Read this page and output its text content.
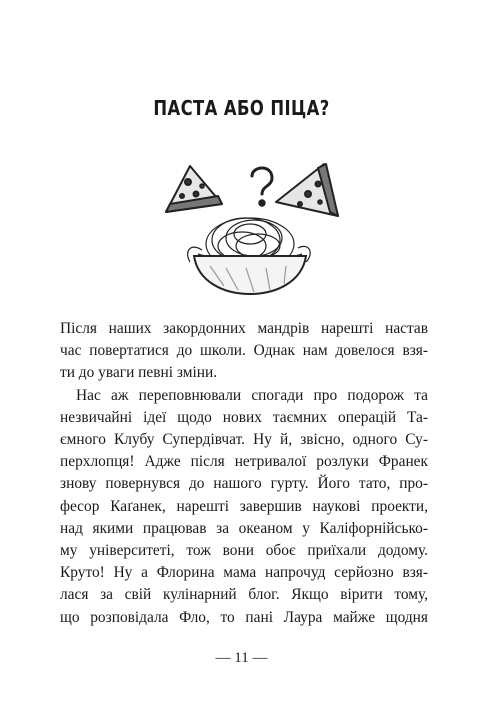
ПАСТА АБО ПІЦА?
Після наших закордонних мандрів нарешті настав
час повертатися до школи. Однак нам довелося взя-
ти до уваги певні зміни.
Нас аж переповнювали спогади про подорож та
незвичайні ідеї щодо нових таємних операцій Та-
ємного Клубу Супердівчат. Ну й, звісно, одного Су-
перхлопця! Адже після нетривалої розлуки Франек
знову повернувся до нашого гурту. Його тато, про-
фесор Каґанек, нарешті завершив наукові проекти,
над якими працював за океаном у Каліфорнійсько-
му університеті, тож вони обоє приїхали додому.
Круто! Ну а Флорина мама напрочуд серйозно взя-
лася за свій кулінарний блог. Якщо вірити тому,
що розповідала Фло, то пані Лаура майже щодня
— 11 —
